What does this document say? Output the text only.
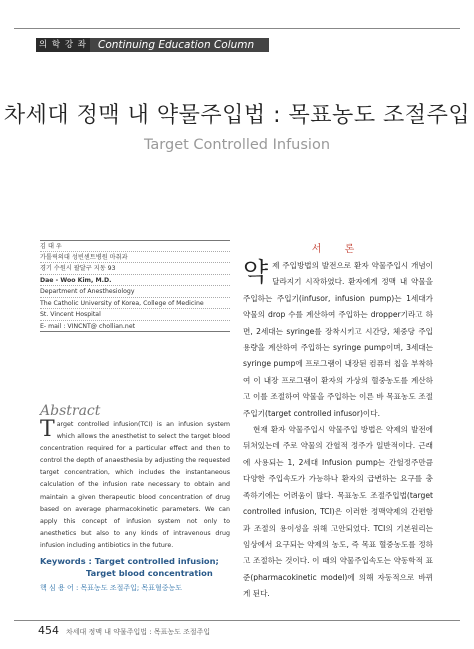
의 학 강 좌	Continuing Education Column
차세대 정맥 내 약물주입법 : 목표농도 조절주입
Target Controlled Infusion
김 대 우
가톨릭의대 성빈센트병원 마취과
경기 수원시 팔달구 지동 93
Dae - Woo Kim, M.D.
Department of Anesthesiology
The Catholic University of Korea, College of Medicine
St. Vincent Hospital
E- mail : VINCNT@ chollian.net
Abstract
T arget controlled infusion(TCI) is an infusion system which allows the anesthetist to select the target blood concentration required for a particular effect and then to control the depth of anaesthesia by adjusting the requested target concentration, which includes the instantaneous calculation of the infusion rate necessary to obtain and maintain a given therapeutic blood concentration of drug based on average pharmacokinetic parameters. We can apply this concept of infusion system not only to anesthetics but also to any kinds of intravenous drug infusion including antibiotics in the future.
Keywords : Target controlled infusion;
Target blood concentration
핵 심 용 어 : 목표농도 조절주입; 목표혈중농도
서 론

약 제 주입방법의 발전으로 환자 약물주입시 개념이 달라지기 시작하였다. 환자에게 정맥 내 약물을 주입하는 주입기(infusor, infusion pump)는 1세대가 약물의 drop 수를 계산하여 주입하는 dropper기라고 하면, 2세대는 syringe를 장착시키고 시간당, 체중당 주입용량을 계산하여 주입하는 syringe pump이며, 3세대는 syringe pump에 프로그램이 내장된 컴퓨터 칩을 부착하여 이 내장 프로그램이 환자의 가상의 혈중농도를 계산하고 이를 조절하여 약물을 주입하는 이른 바 목표농도 조절주입기(target controlled infusor)이다.

현재 환자 약물주입시 약물주입 방법은 약제의 발전에 뒤쳐있는데 주로 약물의 간헐적 정주가 일반적이다. 근래에 사용되는 1, 2세대 Infusion pump는 간헐정주만큼 다양한 주입속도가 가능하나 환자의 급변하는 요구를 충족하기에는 어려움이 많다. 목표농도 조절주입법(target controlled infusion, TCI)은 이러한 정맥약제의 간편함과 조절의 용이성을 위해 고안되었다. TCI의 기본원리는 임상에서 요구되는 약제의 농도, 즉 목표 혈중농도를 정하고 조절하는 것이다. 이 때의 약물주입속도는 약동학적 표준(pharmacokinetic model)에 의해 자동적으로 바뀌게 된다.

454 차세대 정맥 내 약물주입법 : 목표농도 조절주입
